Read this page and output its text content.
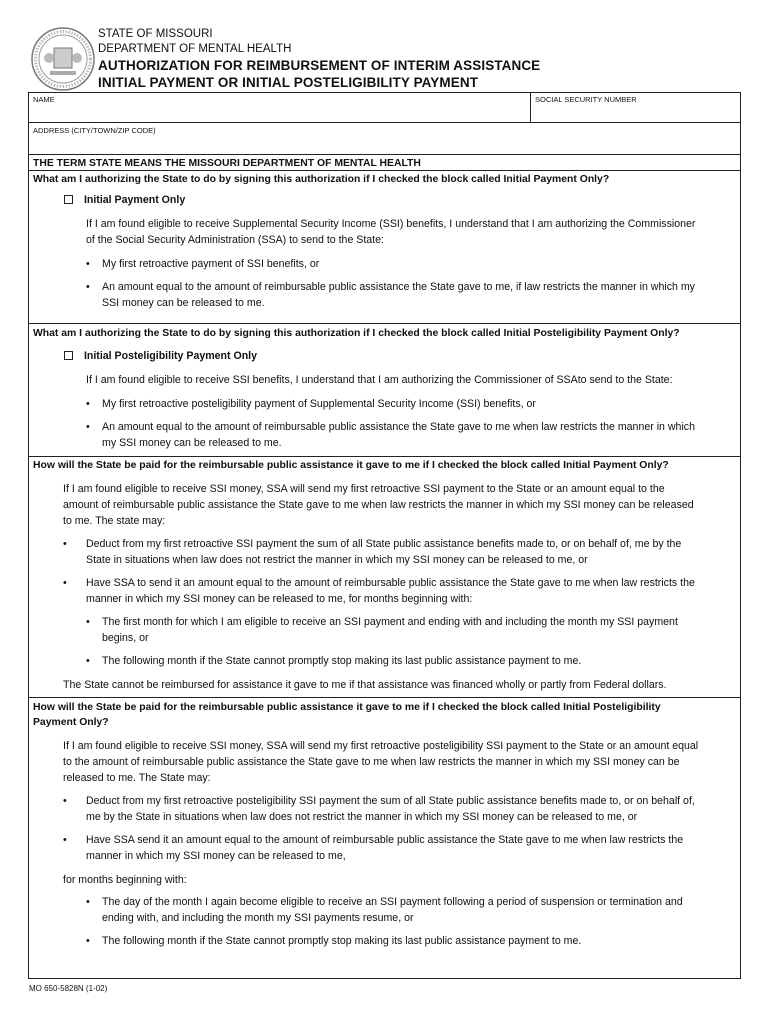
STATE OF MISSOURI
DEPARTMENT OF MENTAL HEALTH
AUTHORIZATION FOR REIMBURSEMENT OF INTERIM ASSISTANCE
INITIAL PAYMENT OR INITIAL POSTELIGIBILITY PAYMENT
NAME	SOCIAL SECURITY NUMBER
ADDRESS (CITY/TOWN/ZIP CODE)
THE TERM STATE MEANS THE MISSOURI DEPARTMENT OF MENTAL HEALTH
What am I authorizing the State to do by signing this authorization if I checked the block called Initial Payment Only?
Initial Payment Only
If I am found eligible to receive Supplemental Security Income (SSI) benefits, I understand that I am authorizing the Commissioner
of the Social Security Administration (SSA) to send to the State:
•	My first retroactive payment of SSI benefits, or
•	An amount equal to the amount of reimbursable public assistance the State gave to me, if law restricts the manner in which my
SSI money can be released to me.
What am I authorizing the State to do by signing this authorization if I checked the block called Initial Posteligibility Payment Only?
Initial Posteligibility Payment Only
If I am found eligible to receive SSI benefits, I understand that I am authorizing the Commissioner of SSAto send to the State:
•	My first retroactive posteligibility payment of Supplemental Security Income (SSI) benefits, or
•	An amount equal to the amount of reimbursable public assistance the State gave to me when law restricts the manner in which
my SSI money can be released to me.
How will the State be paid for the reimbursable public assistance it gave to me if I checked the block called Initial Payment Only?
If I am found eligible to receive SSI money, SSA will send my first retroactive SSI payment to the State or an amount equal to the
amount of reimbursable public assistance the State gave to me when law restricts the manner in which my SSI money can be released
to me. The state may:
• Deduct from my first retroactive SSI payment the sum of all State public assistance benefits made to, or on behalf of, me by the
State in situations when law does not restrict the manner in which my SSI money can be released to me, or
• Have SSA to send it an amount equal to the amount of reimbursable public assistance the State gave to me when law restricts the
manner in which my SSI money can be released to me, for months beginning with:
•	The first month for which I am eligible to receive an SSI payment and ending with and including the month my SSI payment
begins, or
•	The following month if the State cannot promptly stop making its last public assistance payment to me.
The State cannot be reimbursed for assistance it gave to me if that assistance was financed wholly or partly from Federal dollars.
How will the State be paid for the reimbursable public assistance it gave to me if I checked the block called Initial Posteligibility
Payment Only?
If I am found eligible to receive SSI money, SSA will send my first retroactive posteligibility SSI payment to the State or an amount equal
to the amount of reimbursable public assistance the State gave to me when law restricts the manner in which my SSI money can be
released to me. The State may:
• Deduct from my first retroactive posteligibility SSI payment the sum of all State public assistance benefits made to, or on behalf of,
me by the State in situations when law does not restrict the manner in which my SSI money can be released to me, or
• Have SSA send it an amount equal to the amount of reimbursable public assistance the State gave to me when law restricts the
manner in which my SSI money can be released to me,
for months beginning with:
•	The day of the month I again become eligible to receive an SSI payment following a period of suspension or termination and
ending with, and including the month my SSI payments resume, or
•	The following month if the State cannot promptly stop making its last public assistance payment to me.
MO 650-5828N (1-02)
